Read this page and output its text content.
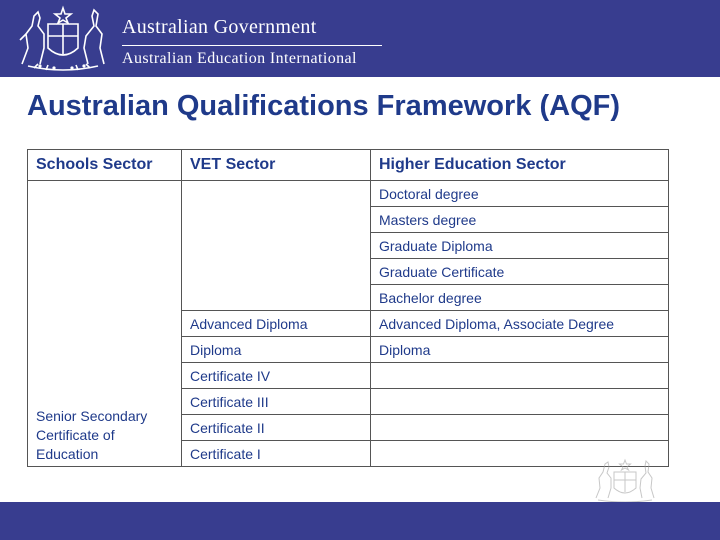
Australian Government
Australian Education International
Australian Qualifications Framework (AQF)
Schools Sector	VET Sector	Higher Education Sector
Senior Secondary Certificate of Education		Doctoral degree
		Masters degree
		Graduate Diploma
		Graduate Certificate
		Bachelor degree
	Advanced Diploma	Advanced Diploma, Associate Degree
	Diploma	Diploma
	Certificate IV	
	Certificate III	
	Certificate II	
	Certificate I	
